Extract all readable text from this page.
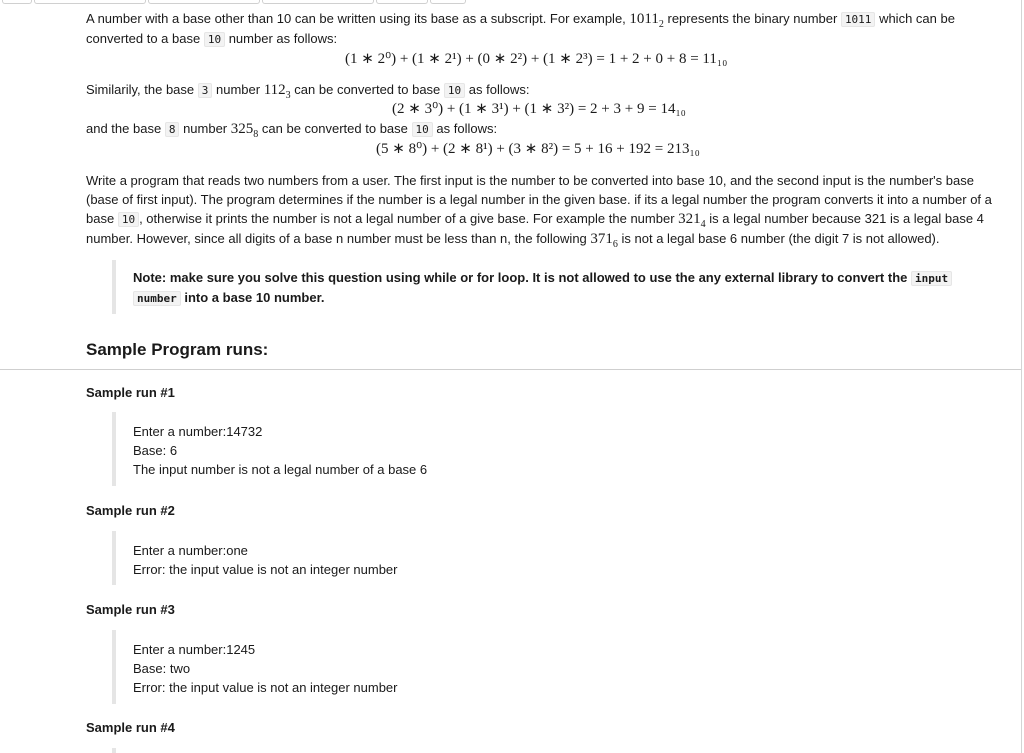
A number with a base other than 10 can be written using its base as a subscript. For example, $1011_2$ represents the binary number 1011 which can be converted to a base 10 number as follows:
(1 ∗ 2⁰) + (1 ∗ 2¹) + (0 ∗ 2²) + (1 ∗ 2³) = 1 + 2 + 0 + 8 = 11₁₀
Similarily, the base 3 number $112_3$ can be converted to base 10 as follows:
(2 ∗ 3⁰) + (1 ∗ 3¹) + (1 ∗ 3²) = 2 + 3 + 9 = 14₁₀
and the base 8 number $325_8$ can be converted to base 10 as follows:
(5 ∗ 8⁰) + (2 ∗ 8¹) + (3 ∗ 8²) = 5 + 16 + 192 = 213₁₀
Write a program that reads two numbers from a user. The first input is the number to be converted into base 10, and the second input is the number's base (base of first input). The program determines if the number is a legal number in the given base. if its a legal number the program converts it into a number of a base 10 , otherwise it prints the number is not a legal number of a give base. For example the number $321_4$ is a legal number because 321 is a legal base 4 number. However, since all digits of a base n number must be less than n, the following $371_6$ is not a legal base 6 number (the digit 7 is not allowed).
Note: make sure you solve this question using while or for loop. It is not allowed to use the any external library to convert the input
number into a base 10 number.
Sample Program runs:
Sample run #1
Enter a number:14732
Base: 6
The input number is not a legal number of a base 6
Sample run #2
Enter a number:one
Error: the input value is not an integer number
Sample run #3
Enter a number:1245
Base: two
Error: the input value is not an integer number
Sample run #4
